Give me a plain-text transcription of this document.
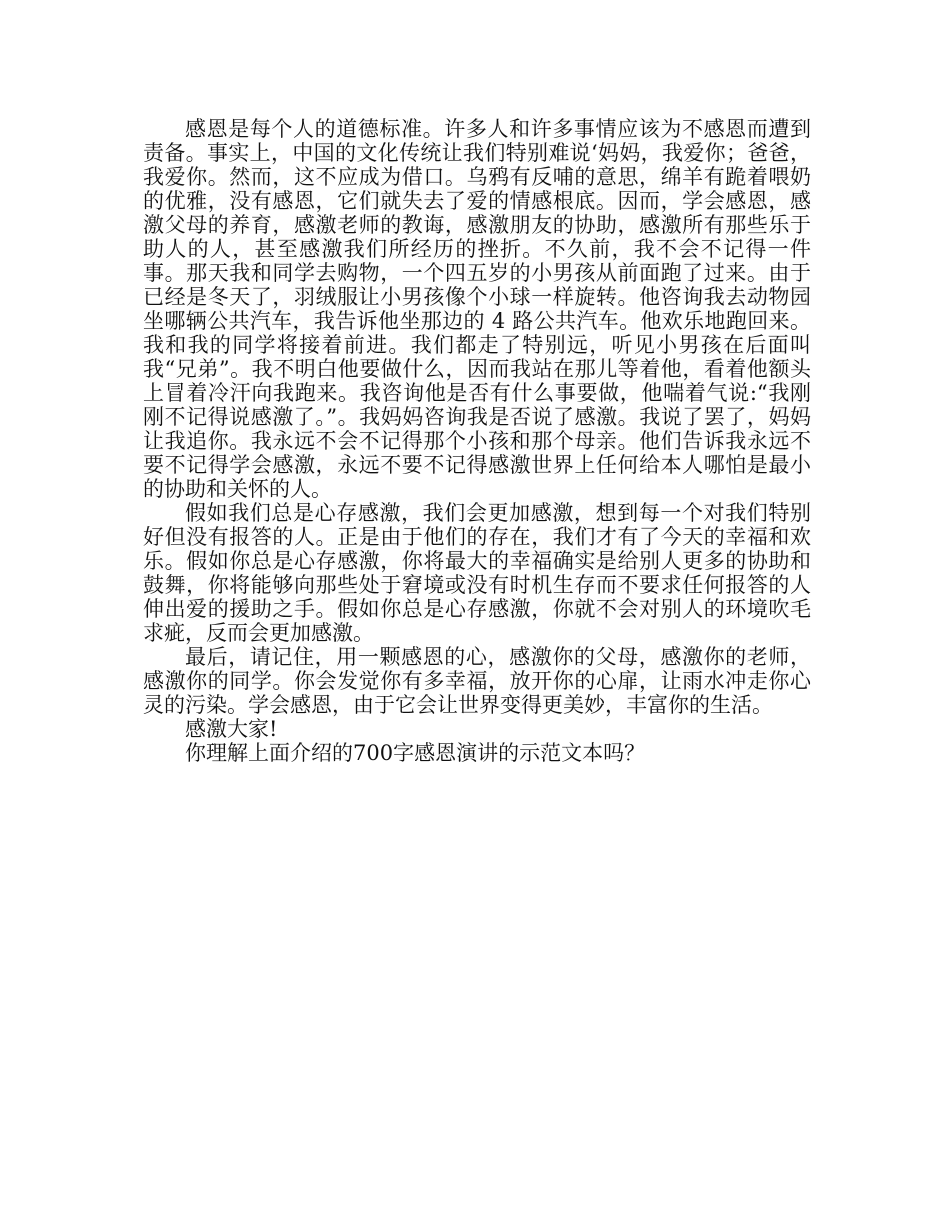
感恩是每个人的道德标准。许多人和许多事情应该为不感恩而遭到责备。事实上，中国的文化传统让我们特别难说‘妈妈，我爱你；爸爸，我爱你。然而，这不应成为借口。乌鸦有反哺的意思，绵羊有跪着喂奶的优雅，没有感恩，它们就失去了爱的情感根底。因而，学会感恩，感激父母的养育，感激老师的教诲，感激朋友的协助，感激所有那些乐于助人的人，甚至感激我们所经历的挫折。不久前，我不会不记得一件事。那天我和同学去购物，一个四五岁的小男孩从前面跑了过来。由于已经是冬天了，羽绒服让小男孩像个小球一样旋转。他咨询我去动物园坐哪辆公共汽车，我告诉他坐那边的 4 路公共汽车。他欢乐地跑回来。我和我的同学将接着前进。我们都走了特别远，听见小男孩在后面叫我“兄弟”。我不明白他要做什么，因而我站在那儿等着他，看着他额头上冒着冷汗向我跑来。我咨询他是否有什么事要做，他喘着气说:“我刚刚不记得说感激了。”。我妈妈咨询我是否说了感激。我说了罢了，妈妈让我追你。我永远不会不记得那个小孩和那个母亲。他们告诉我永远不要不记得学会感激，永远不要不记得感激世界上任何给本人哪怕是最小的协助和关怀的人。

假如我们总是心存感激，我们会更加感激，想到每一个对我们特别好但没有报答的人。正是由于他们的存在，我们才有了今天的幸福和欢乐。假如你总是心存感激，你将最大的幸福确实是给别人更多的协助和鼓舞，你将能够向那些处于窘境或没有时机生存而不要求任何报答的人伸出爱的援助之手。假如你总是心存感激，你就不会对别人的环境吹毛求疵，反而会更加感激。

最后，请记住，用一颗感恩的心，感激你的父母，感激你的老师，感激你的同学。你会发觉你有多幸福，放开你的心扉，让雨水冲走你心灵的污染。学会感恩，由于它会让世界变得更美妙，丰富你的生活。

感激大家!

你理解上面介绍的700字感恩演讲的示范文本吗？
